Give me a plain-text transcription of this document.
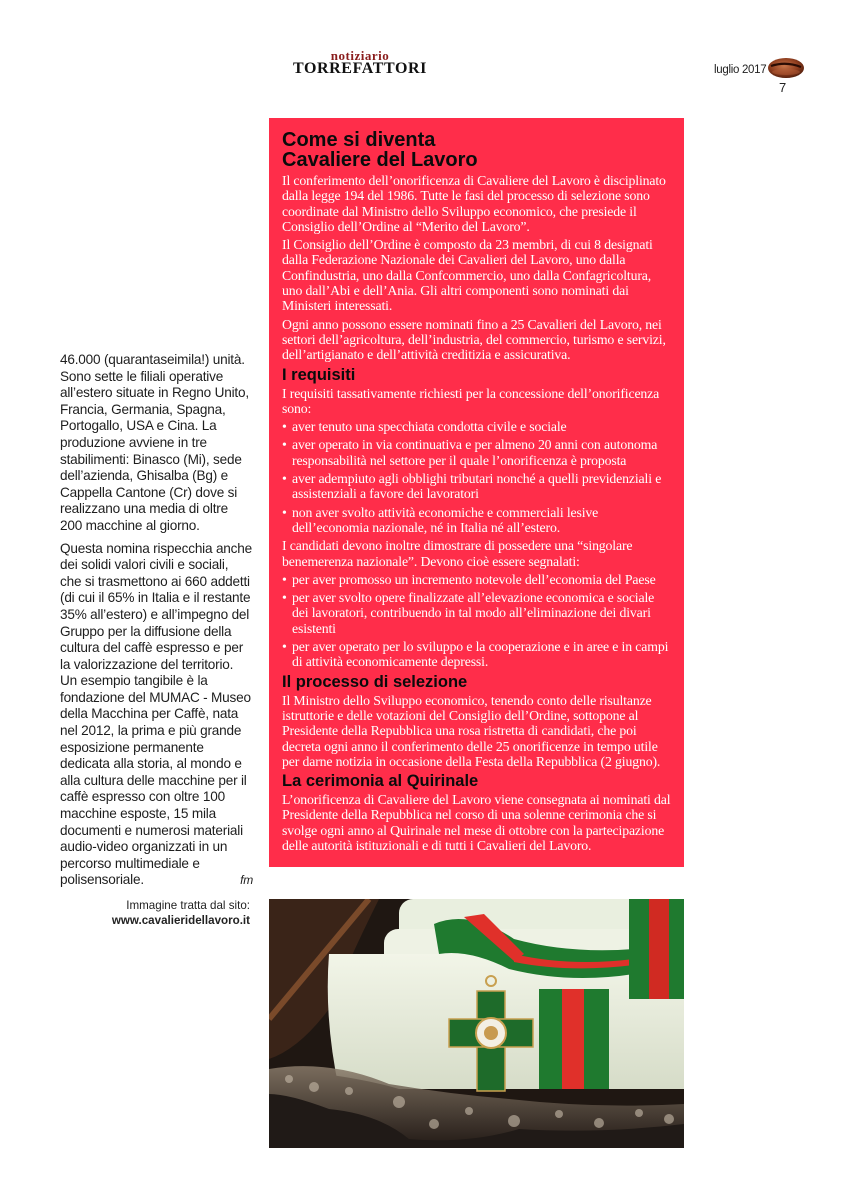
notiziario
TORREFATTORI	luglio 2017
7

46.000 (quarantaseimila!) unità. Sono sette le filiali operative all’estero situate in Regno Unito, Francia, Germania, Spagna, Portogallo, USA e Cina. La produzione avviene in tre stabilimenti: Binasco (Mi), sede dell’azienda, Ghisalba (Bg) e Cappella Cantone (Cr) dove si realizzano una media di oltre 200 macchine al giorno.

Questa nomina rispecchia anche dei solidi valori civili e sociali, che si trasmettono ai 660 addetti (di cui il 65% in Italia e il restante 35% all’estero) e all’impegno del Gruppo per la diffusione della cultura del caffè espresso e per la valorizzazione del territorio.

Un esempio tangibile è la fondazione del MUMAC - Museo della Macchina per Caffè, nata nel 2012, la prima e più grande esposizione permanente dedicata alla storia, al mondo e alla cultura delle macchine per il caffè espresso con oltre 100 macchine esposte, 15 mila documenti e numerosi materiali audio-video organizzati in un percorso multimediale e polisensoriale.	fm

Immagine tratta dal sito:
www.cavalieridellavoro.it
Come si diventa
Cavaliere del Lavoro

Il conferimento dell’onorificenza di Cavaliere del Lavoro è disciplinato dalla legge 194 del 1986. Tutte le fasi del processo di selezione sono coordinate dal Ministro dello Sviluppo economico, che presiede il Consiglio dell’Ordine al “Merito del Lavoro”.

Il Consiglio dell’Ordine è composto da 23 membri, di cui 8 designati dalla Federazione Nazionale dei Cavalieri del Lavoro, uno dalla Confindustria, uno dalla Confcommercio, uno dalla Confagricoltura, uno dall’Abi e dell’Ania. Gli altri componenti sono nominati dai Ministeri interessati.

Ogni anno possono essere nominati fino a 25 Cavalieri del Lavoro, nei settori dell’agricoltura, dell’industria, del commercio, turismo e servizi, dell’artigianato e dell’attività creditizia e assicurativa.

I requisiti

I requisiti tassativamente richiesti per la concessione dell’onorificenza sono:

• aver tenuto una specchiata condotta civile e sociale
• aver operato in via continuativa e per almeno 20 anni con autonoma responsabilità nel settore per il quale l’onorificenza è proposta
• aver adempiuto agli obblighi tributari nonché a quelli previdenziali e assistenziali a favore dei lavoratori
• non aver svolto attività economiche e commerciali lesive dell’economia nazionale, né in Italia né all’estero.

I candidati devono inoltre dimostrare di possedere una “singolare benemerenza nazionale”. Devono cioè essere segnalati:

• per aver promosso un incremento notevole dell’economia del Paese
• per aver svolto opere finalizzate all’elevazione economica e sociale dei lavoratori, contribuendo in tal modo all’eliminazione dei divari esistenti
• per aver operato per lo sviluppo e la cooperazione e in aree e in campi di attività economicamente depressi.
Il processo di selezione

Il Ministro dello Sviluppo economico, tenendo conto delle risultanze istruttorie e delle votazioni del Consiglio dell’Ordine, sottopone al Presidente della Repubblica una rosa ristretta di candidati, che poi decreta ogni anno il conferimento delle 25 onorificenze in tempo utile per darne notizia in occasione della Festa della Repubblica (2 giugno).

La cerimonia al Quirinale

L’onorificenza di Cavaliere del Lavoro viene consegnata ai nominati dal Presidente della Repubblica nel corso di una solenne cerimonia che si svolge ogni anno al Quirinale nel mese di ottobre con la partecipazione delle autorità istituzionali e di tutti i Cavalieri del Lavoro.
